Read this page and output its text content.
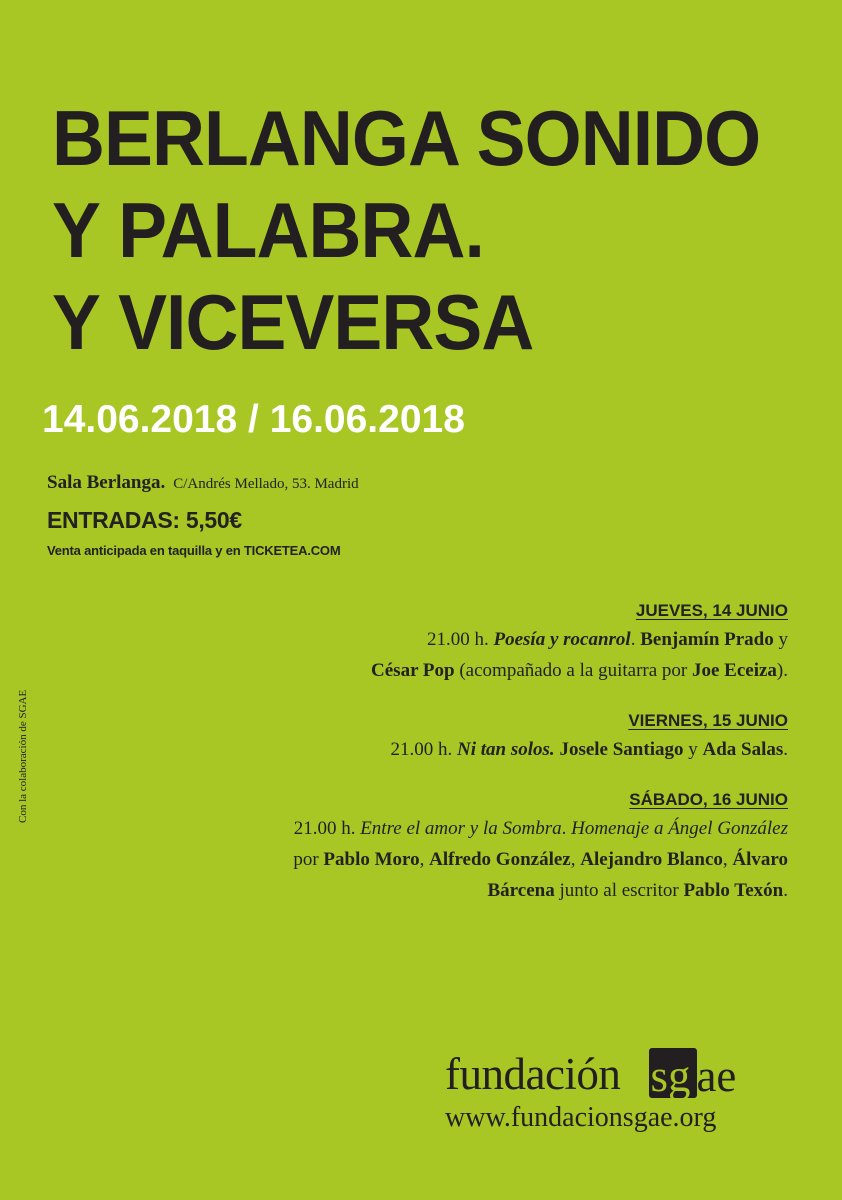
BERLANGA SONIDO
Y PALABRA.
Y VICEVERSA
14.06.2018 / 16.06.2018
Sala Berlanga. C/Andrés Mellado, 53. Madrid
ENTRADAS: 5,50€
Venta anticipada en taquilla y en TICKETEA.COM
JUEVES, 14 JUNIO
21.00 h. Poesía y rocanrol. Benjamín Prado y
César Pop (acompañado a la guitarra por Joe Eceiza).
VIERNES, 15 JUNIO
21.00 h. Ni tan solos. Josele Santiago y Ada Salas.
SÁBADO, 16 JUNIO
21.00 h. Entre el amor y la Sombra. Homenaje a Ángel González
por Pablo Moro, Alfredo González, Alejandro Blanco, Álvaro
Bárcena junto al escritor Pablo Texón.
Con la colaboración de SGAE
fundación sg ae
www.fundacionsgae.org
